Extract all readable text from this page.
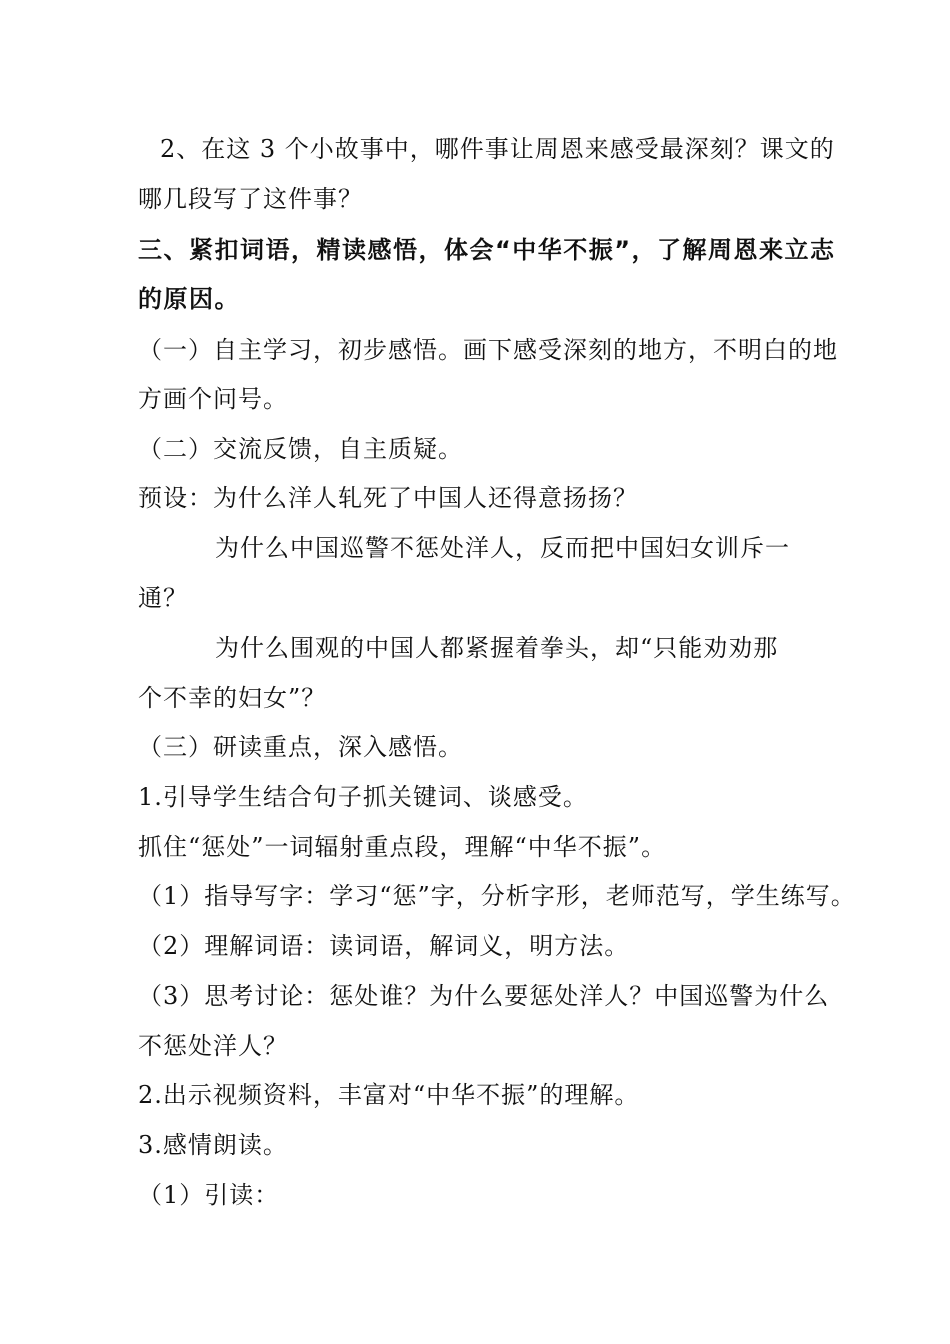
2、在这 3 个小故事中，哪件事让周恩来感受最深刻？课文的
哪几段写了这件事？
三、紧扣词语，精读感悟，体会“中华不振”，了解周恩来立志
的原因。
（一）自主学习，初步感悟。画下感受深刻的地方，不明白的地
方画个问号。
（二）交流反馈，自主质疑。
预设：为什么洋人轧死了中国人还得意扬扬？
为什么中国巡警不惩处洋人，反而把中国妇女训斥一
通？
为什么围观的中国人都紧握着拳头，却“只能劝劝那
个不幸的妇女”？
（三）研读重点，深入感悟。
1.引导学生结合句子抓关键词、谈感受。
抓住“惩处”一词辐射重点段，理解“中华不振”。
（1）指导写字：学习“惩”字，分析字形，老师范写，学生练写。
（2）理解词语：读词语，解词义，明方法。
（3）思考讨论：惩处谁？为什么要惩处洋人？中国巡警为什么
不惩处洋人？
2.出示视频资料，丰富对“中华不振”的理解。
3.感情朗读。
（1）引读：
